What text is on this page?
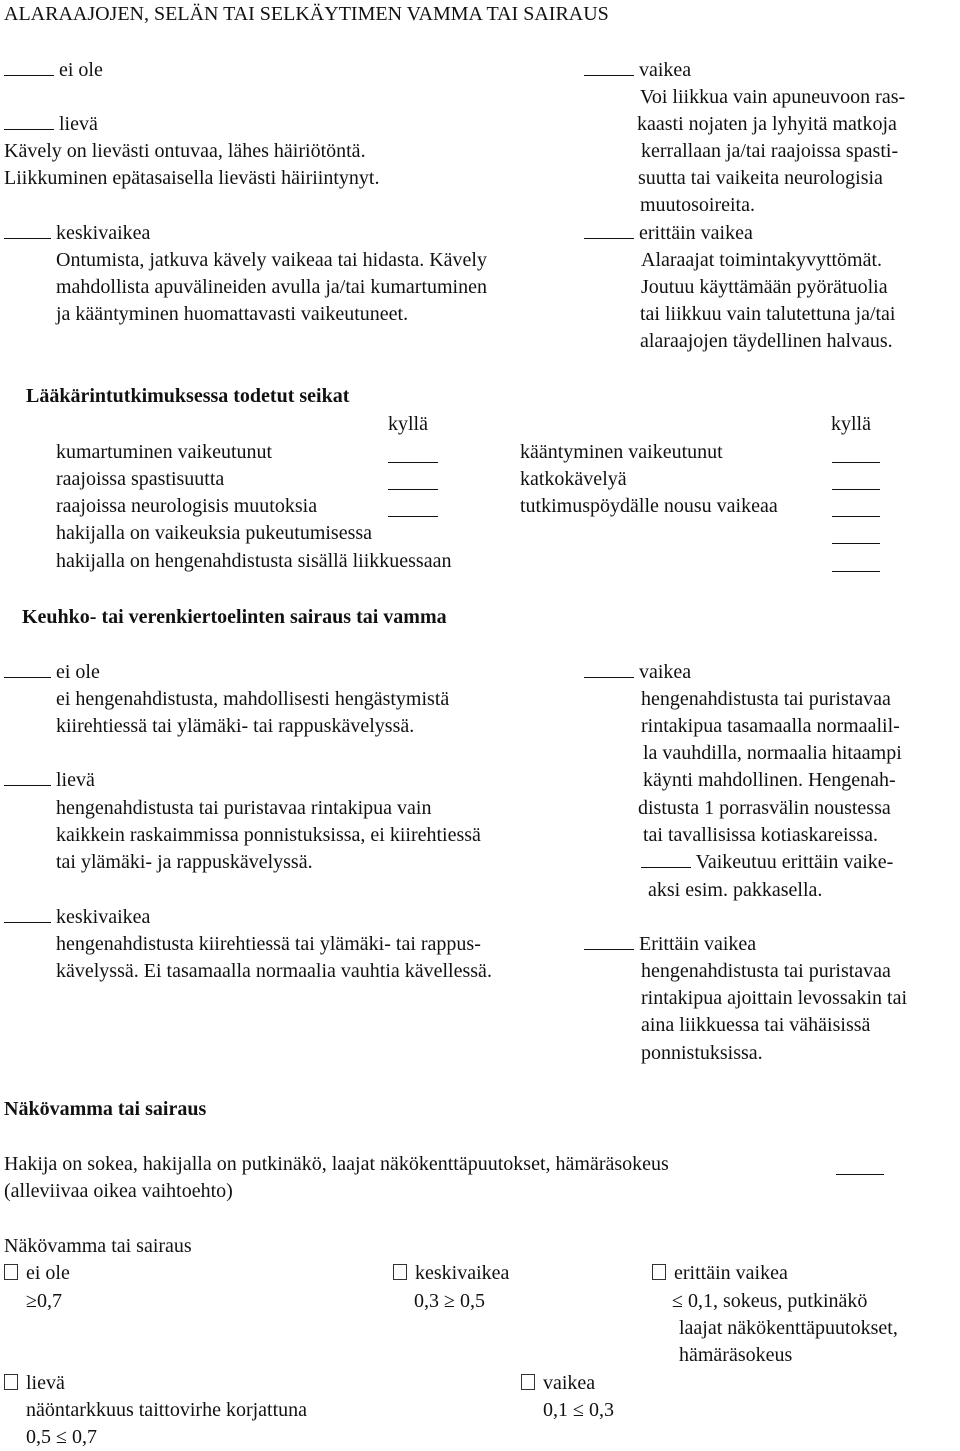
ALARAAJOJEN, SELÄN TAI SELKÄYTIMEN VAMMA TAI SAIRAUS
ei ole
lievä
Kävely on lievästi ontuvaa, lähes häiriötöntä.
Liikkuminen epätasaisella lievästi häiriintynyt.
keskivaikea
Ontumista, jatkuva kävely vaikeaa tai hidasta. Kävely
mahdollista apuvälineiden avulla ja/tai kumartuminen
ja kääntyminen huomattavasti vaikeutuneet.
vaikea
Voi liikkua vain apuneuvoon ras-
kaasti nojaten ja lyhyitä matkoja
kerrallaan ja/tai raajoissa spasti-
suutta tai vaikeita neurologisia
muutosoireita.
erittäin vaikea
Alaraajat toimintakyvyttömät.
Joutuu käyttämään pyörätuolia
tai liikkuu vain talutettuna ja/tai
alaraajojen täydellinen halvaus.
Lääkärintutkimuksessa todetut seikat
kyllä	kyllä
kumartuminen vaikeutunut	kääntyminen vaikeutunut
raajoissa spastisuutta	katkokävelyä
raajoissa neurologisis muutoksia	tutkimuspöydälle nousu vaikeaa
hakijalla on vaikeuksia pukeutumisessa
hakijalla on hengenahdistusta sisällä liikkuessaan
Keuhko- tai verenkiertoelinten sairaus tai vamma
ei ole
ei hengenahdistusta, mahdollisesti hengästymistä
kiirehtiessä tai ylämäki- tai rappuskävelyssä.
lievä
hengenahdistusta tai puristavaa rintakipua vain
kaikkein raskaimmissa ponnistuksissa, ei kiirehtiessä
tai ylämäki- ja rappuskävelyssä.
keskivaikea
hengenahdistusta kiirehtiessä tai ylämäki- tai rappus-
kävelyssä. Ei tasamaalla normaalia vauhtia kävellessä.
vaikea
hengenahdistusta tai puristavaa
rintakipua tasamaalla normaalil-
la vauhdilla, normaalia hitaampi
käynti mahdollinen. Hengenah-
distusta 1 porrasvälin noustessa
tai tavallisissa kotiaskareissa.
Vaikeutuu erittäin vaike-
aksi esim. pakkasella.
Erittäin vaikea
hengenahdistusta tai puristavaa
rintakipua ajoittain levossakin tai
aina liikkuessa tai vähäisissä
ponnistuksissa.
Näkövamma tai sairaus
Hakija on sokea, hakijalla on putkinäkö, laajat näkökenttäpuutokset, hämäräsokeus
(alleviivaa oikea vaihtoehto)
Näkövamma tai sairaus
ei ole
≥0,7
keskivaikea
0,3 ≥ 0,5
erittäin vaikea
≤ 0,1, sokeus, putkinäkö
laajat näkökenttäpuutokset,
hämäräsokeus
lievä
näöntarkkuus taittovirhe korjattuna
0,5 ≤ 0,7
vaikea
0,1 ≤ 0,3
